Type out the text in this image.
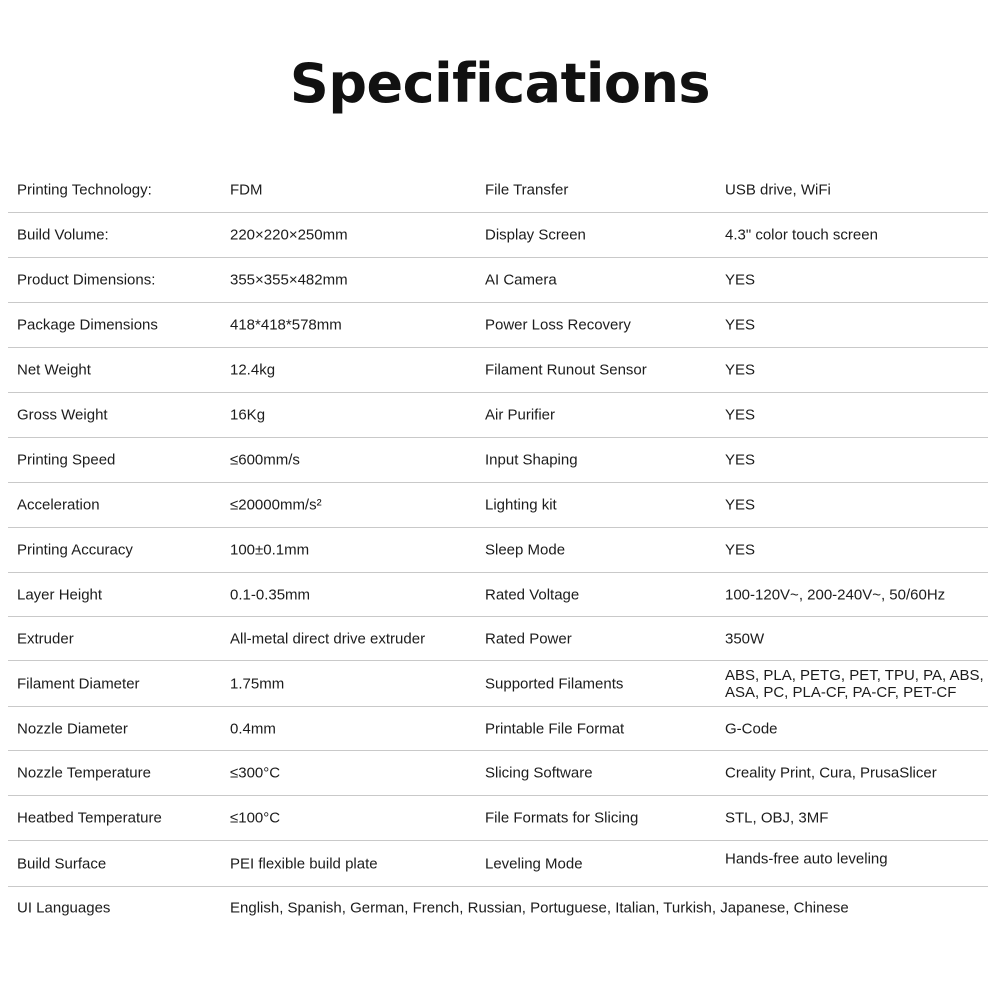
Specifications
Printing Technology:	FDM	File Transfer	USB drive, WiFi
Build Volume:	220×220×250mm	Display Screen	4.3" color touch screen
Product Dimensions:	355×355×482mm	AI Camera	YES
Package Dimensions	418*418*578mm	Power Loss Recovery	YES
Net Weight	12.4kg	Filament Runout Sensor	YES
Gross Weight	16Kg	Air Purifier	YES
Printing Speed	≤600mm/s	Input Shaping	YES
Acceleration	≤20000mm/s²	Lighting kit	YES
Printing Accuracy	100±0.1mm	Sleep Mode	YES
Layer Height	0.1-0.35mm	Rated Voltage	100-120V~, 200-240V~, 50/60Hz
Extruder	All-metal direct drive extruder	Rated Power	350W
Filament Diameter	1.75mm	Supported Filaments	ABS, PLA, PETG, PET, TPU, PA, ABS,
ASA, PC, PLA-CF, PA-CF, PET-CF
Nozzle Diameter	0.4mm	Printable File Format	G-Code
Nozzle Temperature	≤300°C	Slicing Software	Creality Print, Cura, PrusaSlicer
Heatbed Temperature	≤100°C	File Formats for Slicing	STL, OBJ, 3MF
Build Surface	PEI flexible build plate	Leveling Mode	Hands-free auto leveling
UI Languages	English, Spanish, German, French, Russian, Portuguese, Italian, Turkish, Japanese, Chinese
